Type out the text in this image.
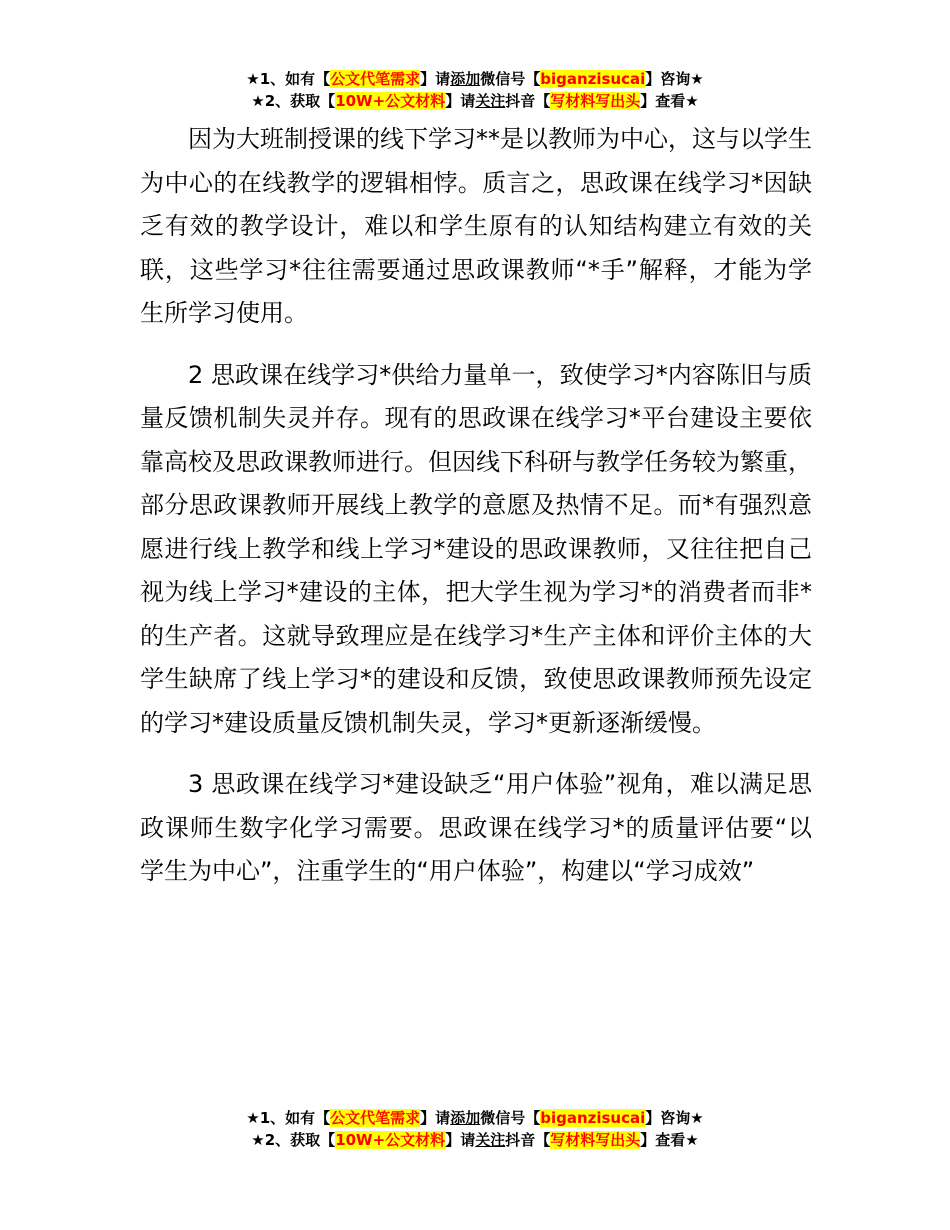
★1、如有【公文代笔需求】请添加微信号【biganzisucai】咨询★
★2、获取【10W+公文材料】请关注抖音【写材料写出头】查看★

因为大班制授课的线下学习**是以教师为中心，这与以学生为中心的在线教学的逻辑相悖。质言之，思政课在线学习*因缺乏有效的教学设计，难以和学生原有的认知结构建立有效的关联，这些学习*往往需要通过思政课教师“*手”解释，才能为学生所学习使用。

2 思政课在线学习*供给力量单一，致使学习*内容陈旧与质量反馈机制失灵并存。现有的思政课在线学习*平台建设主要依靠高校及思政课教师进行。但因线下科研与教学任务较为繁重，部分思政课教师开展线上教学的意愿及热情不足。而*有强烈意愿进行线上教学和线上学习*建设的思政课教师，又往往把自己视为线上学习*建设的主体，把大学生视为学习*的消费者而非*的生产者。这就导致理应是在线学习*生产主体和评价主体的大学生缺席了线上学习*的建设和反馈，致使思政课教师预先设定的学习*建设质量反馈机制失灵，学习*更新逐渐缓慢。

3 思政课在线学习*建设缺乏“用户体验”视角，难以满足思政课师生数字化学习需要。思政课在线学习*的质量评估要“以学生为中心”，注重学生的“用户体验”，构建以“学习成效”

★1、如有【公文代笔需求】请添加微信号【biganzisucai】咨询★
★2、获取【10W+公文材料】请关注抖音【写材料写出头】查看★
